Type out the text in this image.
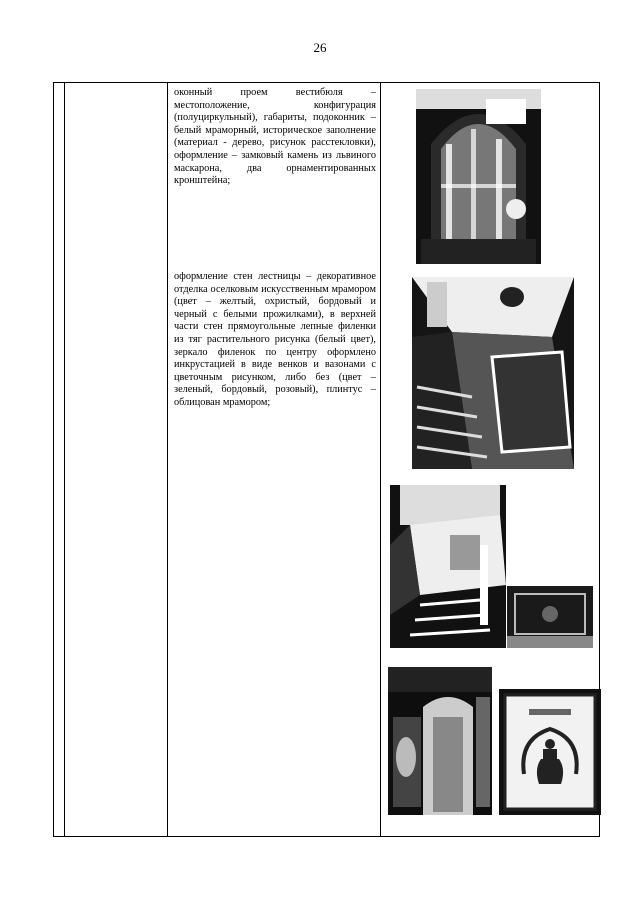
26
оконный проем вестибюля – местоположение, конфигурация (полуциркульный), габариты, подоконник – белый мраморный, историческое заполнение (материал - дерево, рисунок расстекловки), оформление – замковый камень из львиного маскарона, два орнаментированных кронштейна;
оформление стен лестницы – декоративное отделка оселковым искусственным мрамором (цвет – желтый, охристый, бордовый и черный с белыми прожилками), в верхней части стен прямоугольные лепные филенки из тяг растительного рисунка (белый цвет), зеркало филенок по центру оформлено инкрустацией в виде венков и вазонами с цветочным рисунком, либо без (цвет – зеленый, бордовый, розовый), плинтус – облицован мрамором;
